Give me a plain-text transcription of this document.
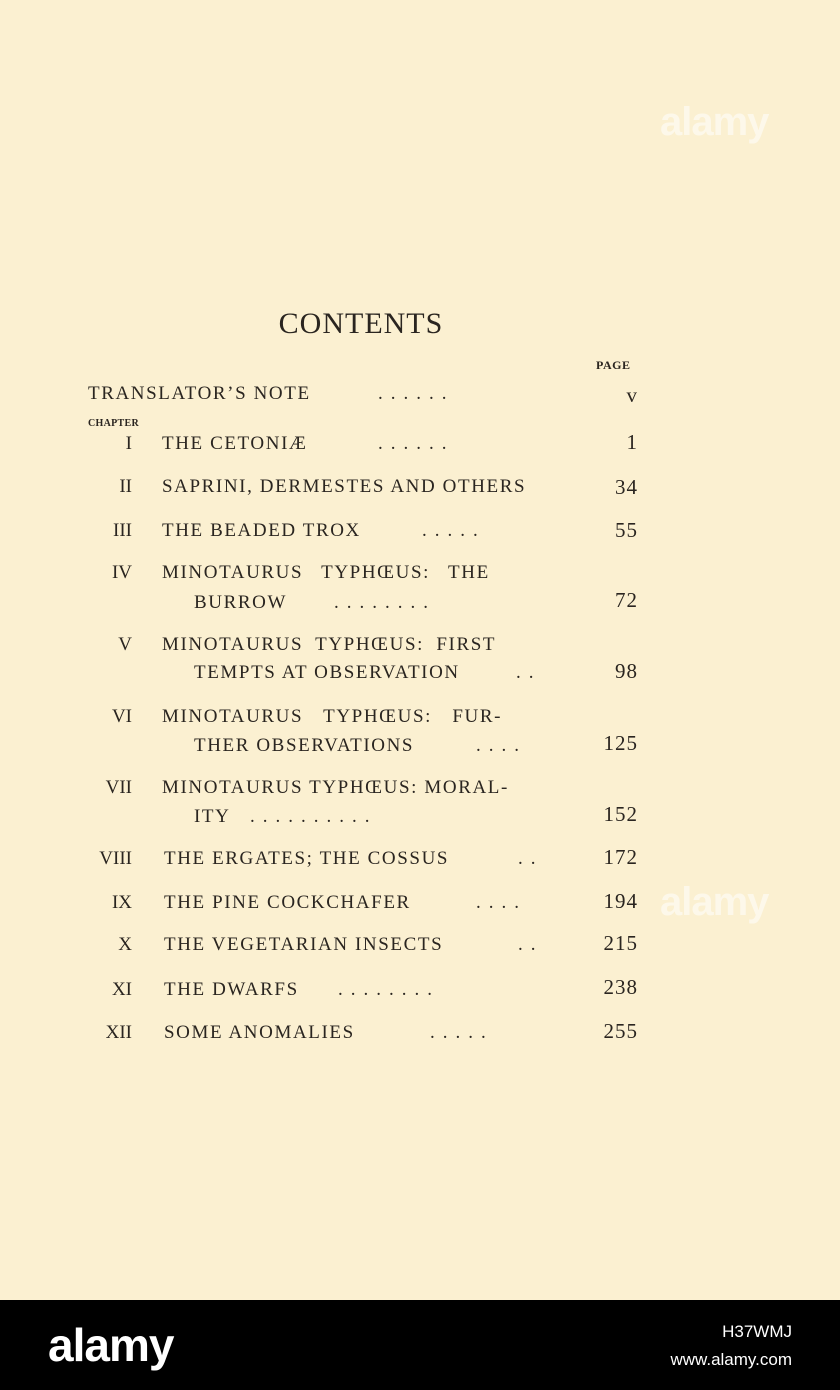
CONTENTS
PAGE
CHAPTER
TRANSLATOR’S NOTE	......	v
I THE CETONIÆ	......	1
II SAPRINI, DERMESTES AND OTHERS	34
III THE BEADED TROX	.....	55
IV MINOTAURUS TYPHŒUS: THE
BURROW ........	72
V MINOTAURUS TYPHŒUS: FIRST
TEMPTS AT OBSERVATION	..	98
VI MINOTAURUS TYPHŒUS: FUR-
THER OBSERVATIONS	....	125
VII MINOTAURUS TYPHŒUS: MORAL-
ITY ..........	152
VIII THE ERGATES; THE COSSUS	..	172
IX THE PINE COCKCHAFER	....	194
X THE VEGETARIAN INSECTS	..	215
XI THE DWARFS ........	238
XII SOME ANOMALIES	.....	255
alamy
alamy
alamy	H37WMJ
www.alamy.com
